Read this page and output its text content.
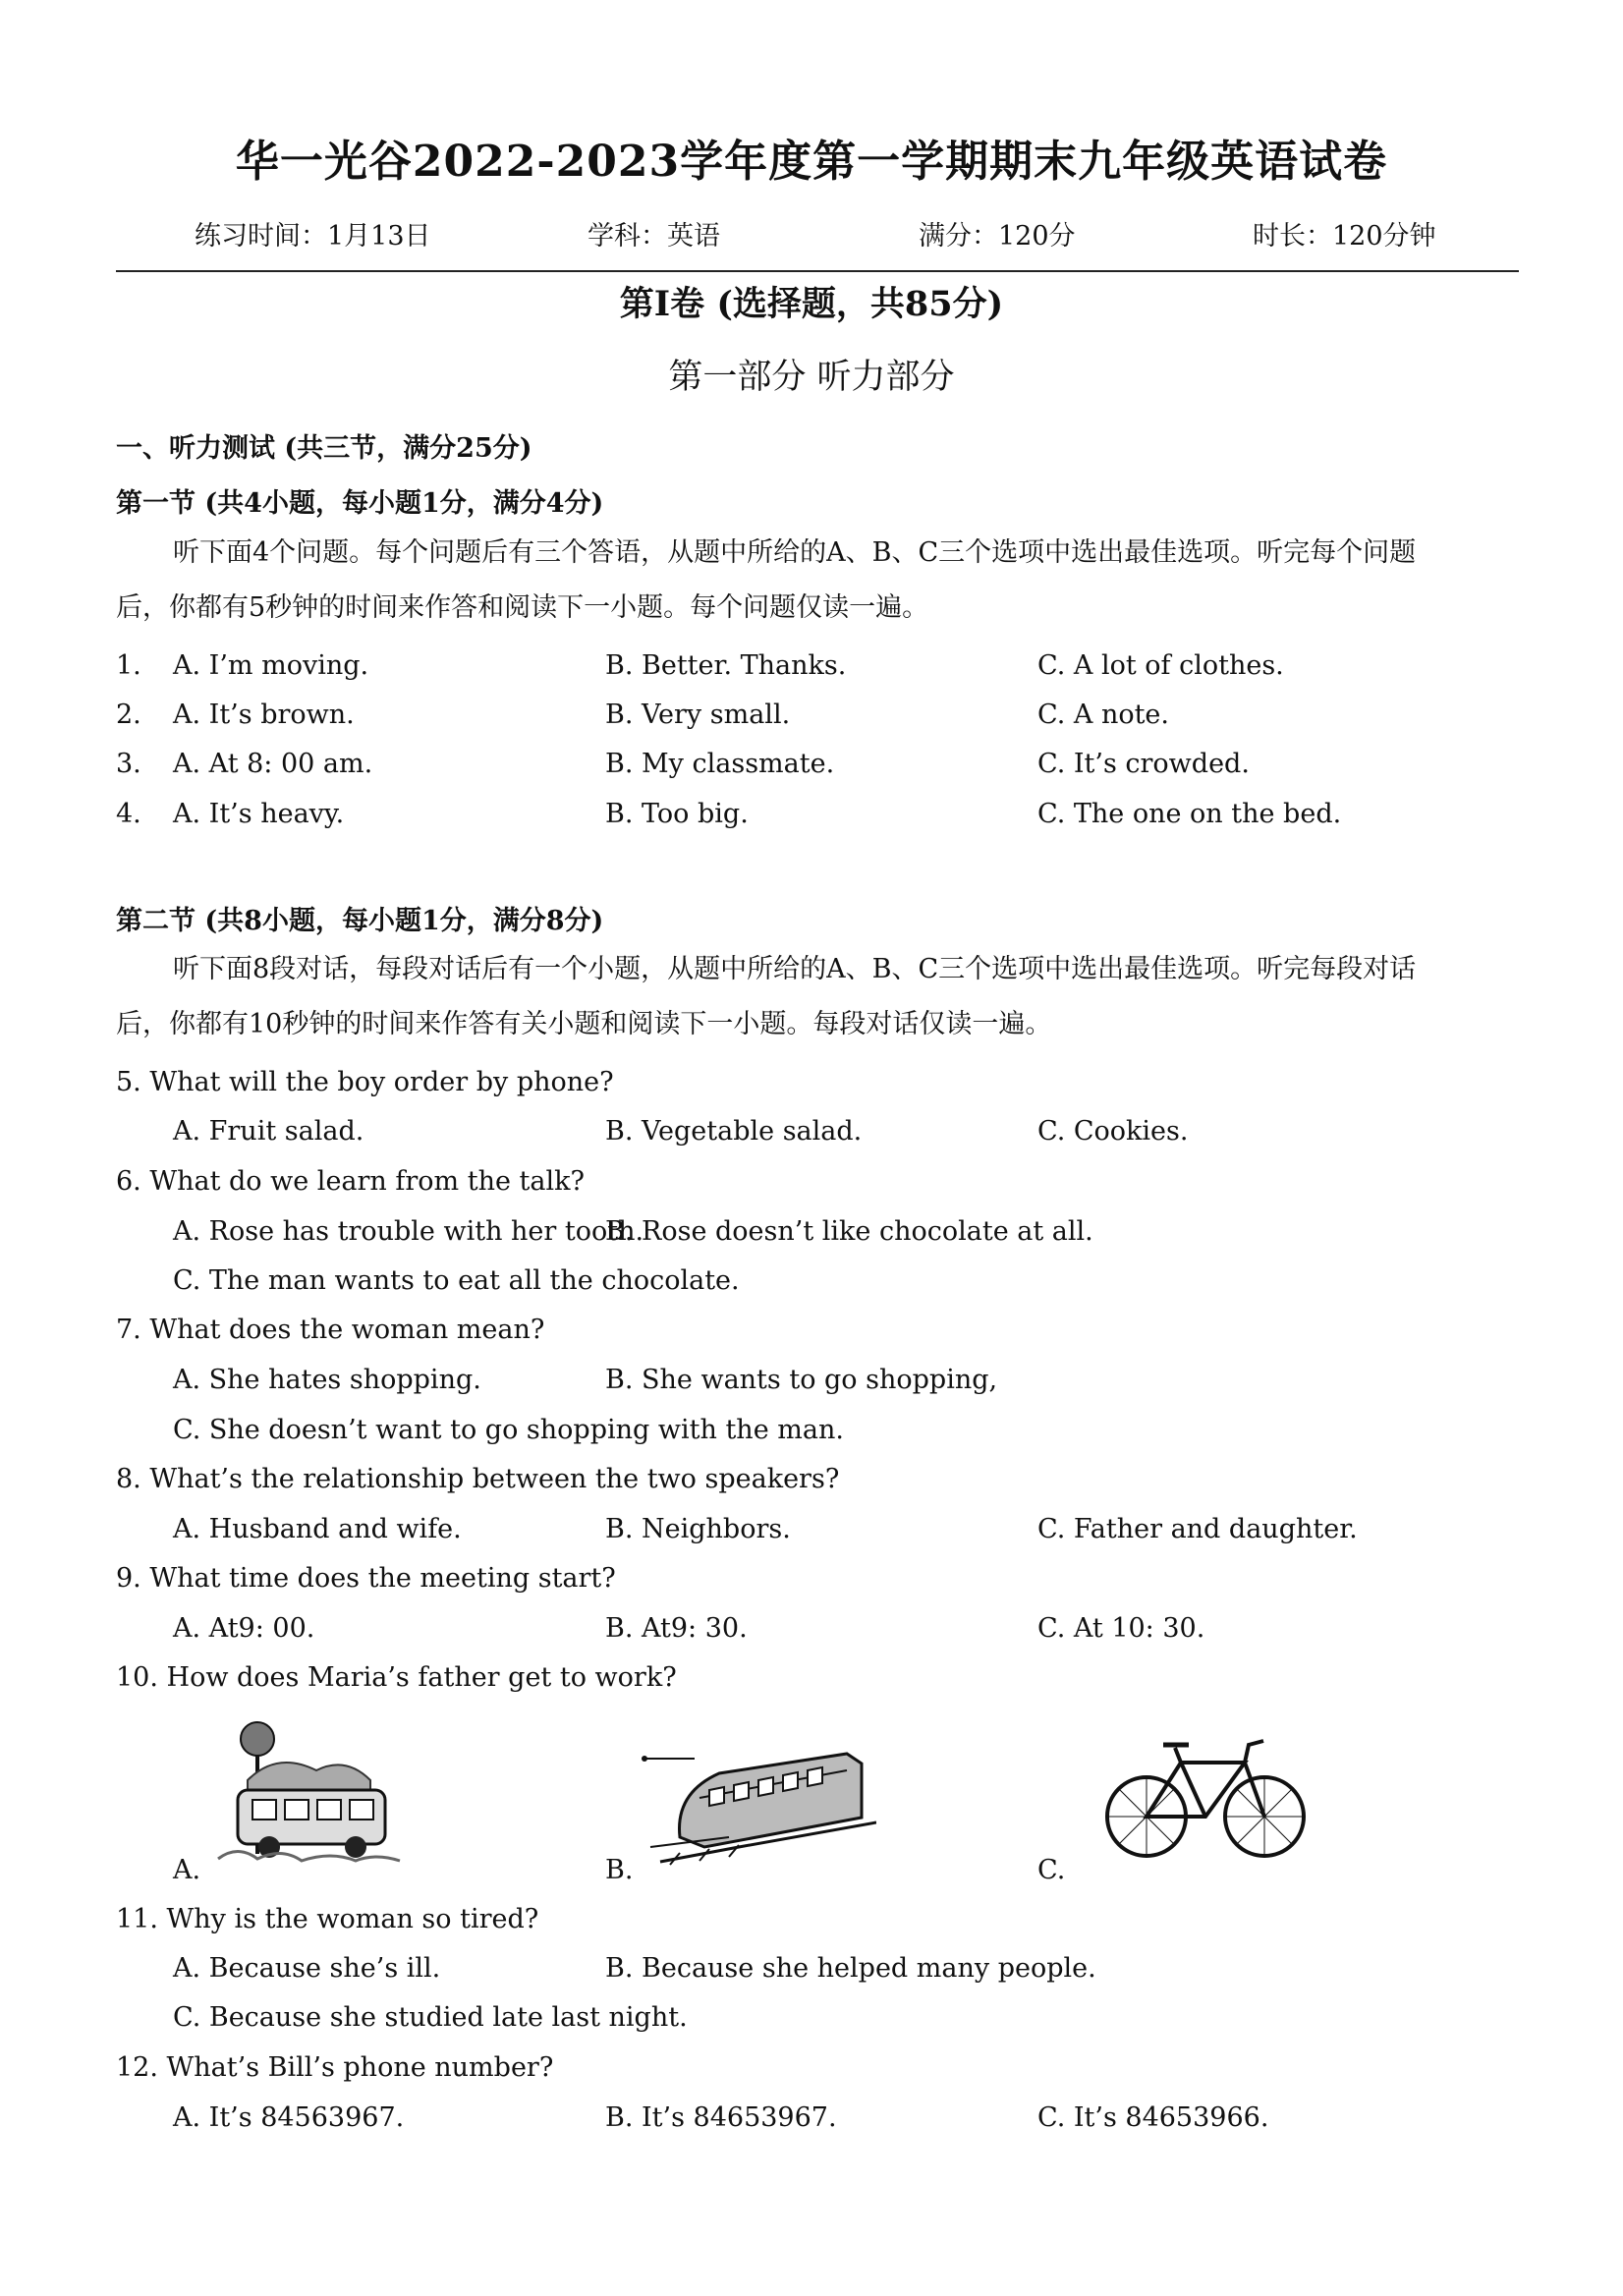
华一光谷2022-2023学年度第一学期期末九年级英语试卷
练习时间：1月13日	学科：英语	满分：120分	时长：120分钟
第I卷 (选择题，共85分)
第一部分 听力部分
一、听力测试 (共三节，满分25分)
第一节 (共4小题，每小题1分，满分4分)
听下面4个问题。每个问题后有三个答语，从题中所给的A、B、C三个选项中选出最佳选项。听完每个问题
后，你都有5秒钟的时间来作答和阅读下一小题。每个问题仅读一遍。
1. A. I’m moving.	B. Better. Thanks.	C. A lot of clothes.
2. A. It’s brown.	B. Very small.	C. A note.
3. A. At 8: 00 am.	B. My classmate.	C. It’s crowded.
4. A. It’s heavy.	B. Too big.	C. The one on the bed.
第二节 (共8小题，每小题1分，满分8分)
听下面8段对话，每段对话后有一个小题，从题中所给的A、B、C三个选项中选出最佳选项。听完每段对话
后，你都有10秒钟的时间来作答有关小题和阅读下一小题。每段对话仅读一遍。
5. What will the boy order by phone?
A. Fruit salad.	B. Vegetable salad.	C. Cookies.
6. What do we learn from the talk?
A. Rose has trouble with her tooth.
B. Rose doesn’t like chocolate at all.
C. The man wants to eat all the chocolate.
7. What does the woman mean?
A. She hates shopping.	B. She wants to go shopping,
C. She doesn’t want to go shopping with the man.
8. What’s the relationship between the two speakers?
A. Husband and wife.	B. Neighbors.	C. Father and daughter.
9. What time does the meeting start?
A. At9: 00.	B. At9: 30.	C. At 10: 30.
10. How does Maria’s father get to work?
A.	B.	C.
11. Why is the woman so tired?
A. Because she’s ill.	B. Because she helped many people.
C. Because she studied late last night.
12. What’s Bill’s phone number?
A. It’s 84563967.	B. It’s 84653967.	C. It’s 84653966.
